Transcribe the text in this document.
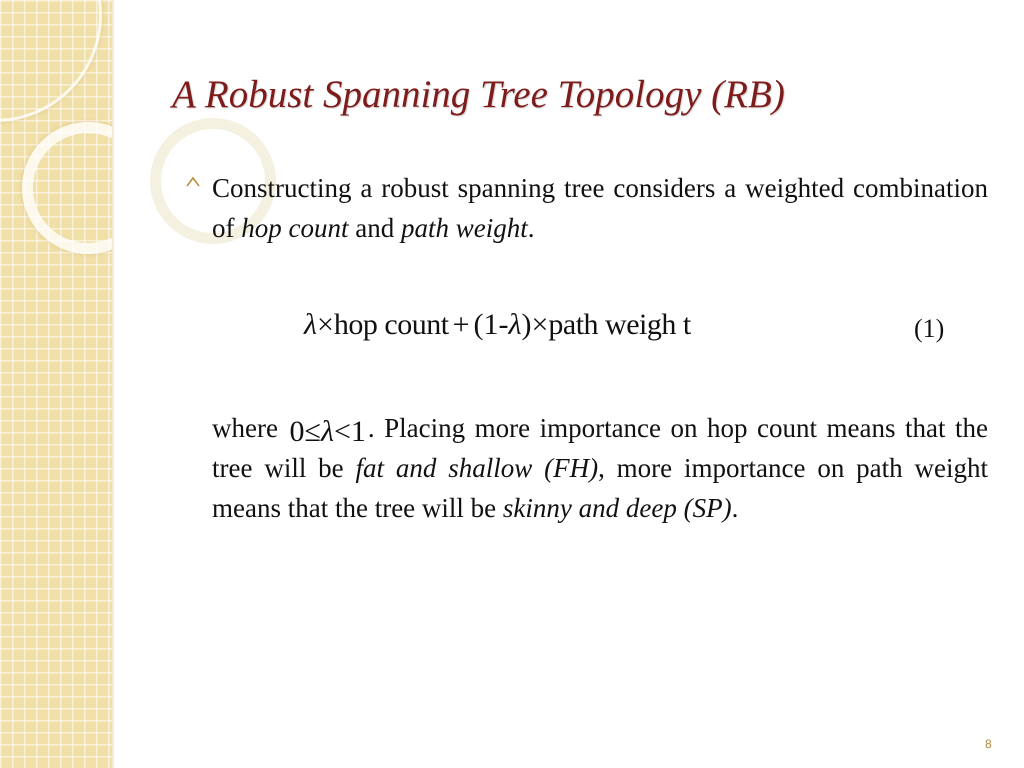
A Robust Spanning Tree Topology (RB)
Constructing a robust spanning tree considers a weighted combination of hop count and path weight.
λ×hop count + (1-λ)×path weigh t	(1)
where 0≤λ<1. Placing more importance on hop count means that the tree will be fat and shallow (FH), more importance on path weight means that the tree will be skinny and deep (SP).
8
